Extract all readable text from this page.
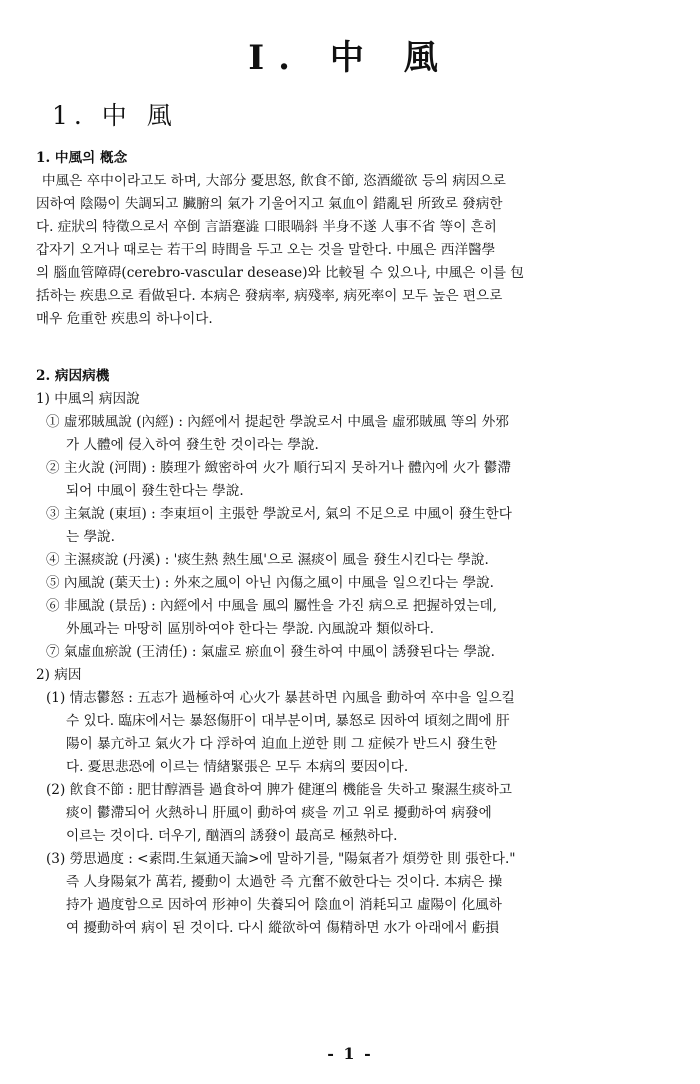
I. 中 風
1. 中 風
1. 中風의 槪念
中風은 卒中이라고도 하며, 大部分 憂思怒, 飮食不節, 恣酒縱欲 등의 病因으로
因하여 陰陽이 失調되고 臟腑의 氣가 기울어지고 氣血이 錯亂된 所致로 發病한
다. 症狀의 特徵으로서 卒倒 言語蹇澁 口眼喎斜 半身不遂 人事不省 等이 흔히
갑자기 오거나 때로는 若干의 時間을 두고 오는 것을 말한다. 中風은 西洋醫學
의 腦血管障碍(cerebro-vascular desease)와 比較될 수 있으나, 中風은 이를 包
括하는 疾患으로 看做된다. 本病은 發病率, 病殘率, 病死率이 모두 높은 편으로
매우 危重한 疾患의 하나이다.
2. 病因病機
1) 中風의 病因說
① 虛邪賊風說 (內經) : 內經에서 提起한 學說로서 中風을 虛邪賊風 等의 外邪
가 人體에 侵入하여 發生한 것이라는 學說.
② 主火說 (河間) : 腠理가 緻密하여 火가 順行되지 못하거나 體內에 火가 鬱滯
되어 中風이 發生한다는 學說.
③ 主氣說 (東垣) : 李東垣이 主張한 學說로서, 氣의 不足으로 中風이 發生한다
는 學說.
④ 主濕痰說 (丹溪) : '痰生熱 熱生風'으로 濕痰이 風을 發生시킨다는 學說.
⑤ 內風說 (葉天士) : 外來之風이 아닌 內傷之風이 中風을 일으킨다는 學說.
⑥ 非風說 (景岳) : 內經에서 中風을 風의 屬性을 가진 病으로 把握하였는데,
外風과는 마땅히 區別하여야 한다는 學說. 內風說과 類似하다.
⑦ 氣虛血瘀說 (王淸任) : 氣虛로 瘀血이 發生하여 中風이 誘發된다는 學說.
2) 病因
(1) 情志鬱怒 : 五志가 過極하여 心火가 暴甚하면 內風을 動하여 卒中을 일으킬
수 있다. 臨床에서는 暴怒傷肝이 대부분이며, 暴怒로 因하여 頃刻之間에 肝
陽이 暴亢하고 氣火가 다 浮하여 迫血上逆한 則 그 症候가 반드시 發生한
다. 憂思悲恐에 이르는 情緖緊張은 모두 本病의 要因이다.
(2) 飮食不節 : 肥甘醇酒를 過食하여 脾가 健運의 機能을 失하고 聚濕生痰하고
痰이 鬱滯되어 火熱하니 肝風이 動하여 痰을 끼고 위로 擾動하여 病發에
이르는 것이다. 더우기, 酗酒의 誘發이 最高로 極熱하다.
(3) 勞思過度 : <素問.生氣通天論>에 말하기를, "陽氣者가 煩勞한 則 張한다."
즉 人身陽氣가 萬若, 擾動이 太過한 즉 亢奮不斂한다는 것이다. 本病은 操
持가 過度함으로 因하여 形神이 失養되어 陰血이 消耗되고 虛陽이 化風하
여 擾動하여 病이 된 것이다. 다시 縱欲하여 傷精하면 水가 아래에서 虧損
- 1 -
